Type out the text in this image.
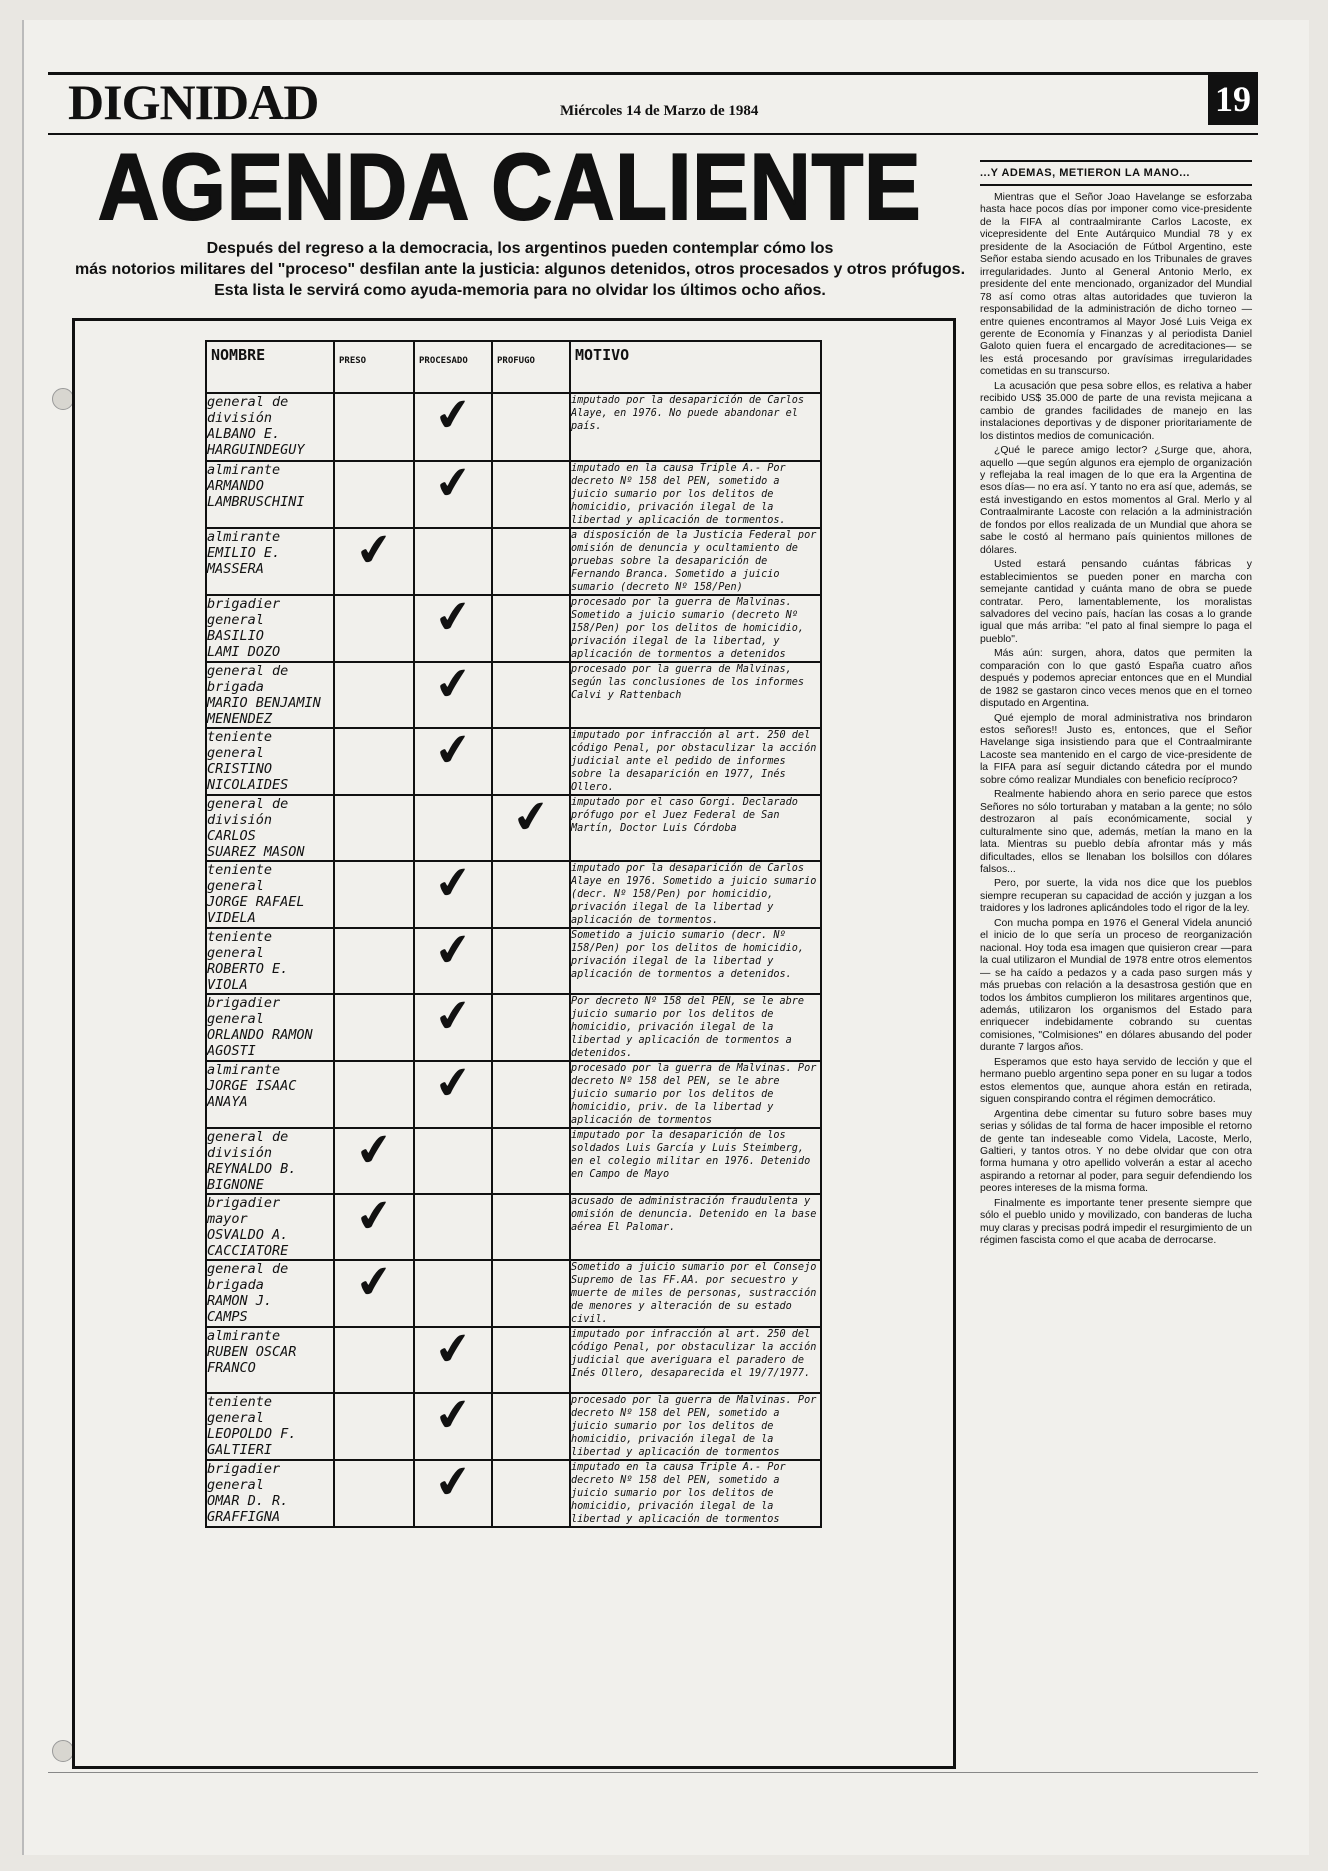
DIGNIDAD	Miércoles 14 de Marzo de 1984	19
AGENDA CALIENTE
Después del regreso a la democracia, los argentinos pueden contemplar cómo los
más notorios militares del "proceso" desfilan ante la justicia: algunos detenidos, otros procesados y otros prófugos.
Esta lista le servirá como ayuda-memoria para no olvidar los últimos ocho años.
NOMBRE	PRESO	PROCESADO	PROFUGO	MOTIVO

general de
división
ALBANO E.
HARGUINDEGUY		✔		imputado por la desaparición de Carlos Alaye, en 1976. No puede abandonar el país.

almirante
ARMANDO
LAMBRUSCHINI		✔		imputado en la causa Triple A.- Por decreto Nº 158 del PEN, sometido a juicio sumario por los delitos de homicidio, privación ilegal de la libertad y aplicación de tormentos.

almirante
EMILIO E.
MASSERA	✔			a disposición de la Justicia Federal por omisión de denuncia y ocultamiento de pruebas sobre la desaparición de Fernando Branca. Sometido a juicio sumario (decreto Nº 158/Pen)

brigadier
general
BASILIO
LAMI DOZO		✔		procesado por la guerra de Malvinas. Sometido a juicio sumario (decreto Nº 158/Pen) por los delitos de homicidio, privación ilegal de la libertad, y aplicación de tormentos a detenidos

general de
brigada
MARIO BENJAMIN
MENENDEZ		✔		procesado por la guerra de Malvinas, según las conclusiones de los informes Calvi y Rattenbach

teniente
general
CRISTINO
NICOLAIDES		✔		imputado por infracción al art. 250 del código Penal, por obstaculizar la acción judicial ante el pedido de informes sobre la desaparición en 1977, Inés Ollero.

general de
división
CARLOS
SUAREZ MASON			✔	imputado por el caso Gorgi. Declarado prófugo por el Juez Federal de San Martín, Doctor Luis Córdoba

teniente
general
JORGE RAFAEL
VIDELA		✔		imputado por la desaparición de Carlos Alaye en 1976. Sometido a juicio sumario (decr. Nº 158/Pen) por homicidio, privación ilegal de la libertad y aplicación de tormentos.

teniente
general
ROBERTO E.
VIOLA		✔		Sometido a juicio sumario (decr. Nº 158/Pen) por los delitos de homicidio, privación ilegal de la libertad y aplicación de tormentos a detenidos.

brigadier
general
ORLANDO RAMON
AGOSTI		✔		Por decreto Nº 158 del PEN, se le abre juicio sumario por los delitos de homicidio, privación ilegal de la libertad y aplicación de tormentos a detenidos.

almirante
JORGE ISAAC
ANAYA		✔		procesado por la guerra de Malvinas. Por decreto Nº 158 del PEN, se le abre juicio sumario por los delitos de homicidio, priv. de la libertad y aplicación de tormentos

general de
división
REYNALDO B.
BIGNONE	✔			imputado por la desaparición de los soldados Luis García y Luis Steimberg, en el colegio militar en 1976. Detenido en Campo de Mayo

brigadier
mayor
OSVALDO A.
CACCIATORE	✔			acusado de administración fraudulenta y omisión de denuncia. Detenido en la base aérea El Palomar.

general de
brigada
RAMON J.
CAMPS	✔			Sometido a juicio sumario por el Consejo Supremo de las FF.AA. por secuestro y muerte de miles de personas, sustracción de menores y alteración de su estado civil.

almirante
RUBEN OSCAR
FRANCO		✔		imputado por infracción al art. 250 del código Penal, por obstaculizar la acción judicial que averiguara el paradero de Inés Ollero, desaparecida el 19/7/1977.

teniente
general
LEOPOLDO F.
GALTIERI		✔		procesado por la guerra de Malvinas. Por decreto Nº 158 del PEN, sometido a juicio sumario por los delitos de homicidio, privación ilegal de la libertad y aplicación de tormentos

brigadier
general
OMAR D. R.
GRAFFIGNA		✔		imputado en la causa Triple A.- Por decreto Nº 158 del PEN, sometido a juicio sumario por los delitos de homicidio, privación ilegal de la libertad y aplicación de tormentos
...Y ADEMAS, METIERON LA MANO...

Mientras que el Señor Joao Havelange se esforzaba hasta hace pocos días por imponer como vice-presidente de la FIFA al contraalmirante Carlos Lacoste, ex vicepresidente del Ente Autárquico Mundial 78 y ex presidente de la Asociación de Fútbol Argentino, este Señor estaba siendo acusado en los Tribunales de graves irregularidades. Junto al General Antonio Merlo, ex presidente del ente mencionado, organizador del Mundial 78 así como otras altas autoridades que tuvieron la responsabilidad de la administración de dicho torneo —entre quienes encontramos al Mayor José Luis Veiga ex gerente de Economía y Finanzas y al periodista Daniel Galoto quien fuera el encargado de acreditaciones— se les está procesando por gravísimas irregularidades cometidas en su transcurso.

La acusación que pesa sobre ellos, es relativa a haber recibido US$ 35.000 de parte de una revista mejicana a cambio de grandes facilidades de manejo en las instalaciones deportivas y de disponer prioritariamente de los distintos medios de comunicación.

¿Qué le parece amigo lector? ¿Surge que, ahora, aquello —que según algunos era ejemplo de organización y reflejaba la real imagen de lo que era la Argentina de esos días— no era así. Y tanto no era así que, además, se está investigando en estos momentos al Gral. Merlo y al Contraalmirante Lacoste con relación a la administración de fondos por ellos realizada de un Mundial que ahora se sabe le costó al hermano país quinientos millones de dólares.

Usted estará pensando cuántas fábricas y establecimientos se pueden poner en marcha con semejante cantidad y cuánta mano de obra se puede contratar. Pero, lamentablemente, los moralistas salvadores del vecino país, hacían las cosas a lo grande igual que más arriba: "el pato al final siempre lo paga el pueblo".

Más aún: surgen, ahora, datos que permiten la comparación con lo que gastó España cuatro años después y podemos apreciar entonces que en el Mundial de 1982 se gastaron cinco veces menos que en el torneo disputado en Argentina.

Qué ejemplo de moral administrativa nos brindaron estos señores!! Justo es, entonces, que el Señor Havelange siga insistiendo para que el Contraalmirante Lacoste sea mantenido en el cargo de vice-presidente de la FIFA para así seguir dictando cátedra por el mundo sobre cómo realizar Mundiales con beneficio recíproco?

Realmente habiendo ahora en serio parece que estos Señores no sólo torturaban y mataban a la gente; no sólo destrozaron al país económicamente, social y culturalmente sino que, además, metían la mano en la lata. Mientras su pueblo debía afrontar más y más dificultades, ellos se llenaban los bolsillos con dólares falsos...

Pero, por suerte, la vida nos dice que los pueblos siempre recuperan su capacidad de acción y juzgan a los traidores y los ladrones aplicándoles todo el rigor de la ley.

Con mucha pompa en 1976 el General Videla anunció el inicio de lo que sería un proceso de reorganización nacional. Hoy toda esa imagen que quisieron crear —para la cual utilizaron el Mundial de 1978 entre otros elementos— se ha caído a pedazos y a cada paso surgen más y más pruebas con relación a la desastrosa gestión que en todos los ámbitos cumplieron los militares argentinos que, además, utilizaron los organismos del Estado para enriquecer indebidamente cobrando su cuentas comisiones, "Colmisiones" en dólares abusando del poder durante 7 largos años.

Esperamos que esto haya servido de lección y que el hermano pueblo argentino sepa poner en su lugar a todos estos elementos que, aunque ahora están en retirada, siguen conspirando contra el régimen democrático.

Argentina debe cimentar su futuro sobre bases muy serias y sólidas de tal forma de hacer imposible el retorno de gente tan indeseable como Videla, Lacoste, Merlo, Galtieri, y tantos otros. Y no debe olvidar que con otra forma humana y otro apellido volverán a estar al acecho aspirando a retornar al poder, para seguir defendiendo los peores intereses de la misma forma.

Finalmente es importante tener presente siempre que sólo el pueblo unido y movilizado, con banderas de lucha muy claras y precisas podrá impedir el resurgimiento de un régimen fascista como el que acaba de derrocarse.
